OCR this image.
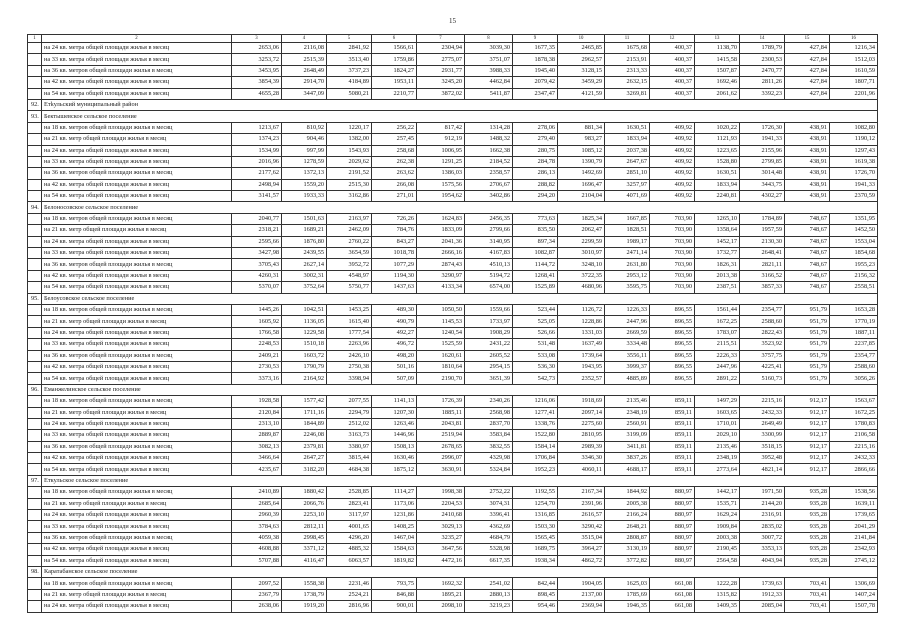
15
1	2	3	4	5	6	7	8	9	10	11	12	13	14	15	16
	на 24 кв. метра общей площади жилья в месяц	2653,06	2116,08	2841,92	1566,61	2304,94	3039,30	1677,35	2465,85	1675,68	400,37	1138,70	1789,79	427,84	1216,34
	на 33 кв. метра общей площади жилья в месяц	3253,72	2515,39	3513,40	1759,86	2775,07	3751,07	1878,38	2962,57	2153,91	400,37	1415,58	2300,53	427,84	1512,03
	на 36 кв. метров общей площади жилья в месяц	3453,95	2648,49	3737,23	1824,27	2931,77	3988,33	1945,40	3128,15	2313,33	400,37	1507,87	2470,77	427,84	1610,59
	на 42 кв. метра общей площади жилья в месяц	3854,39	2914,70	4184,89	1953,11	3245,20	4462,84	2079,42	3459,29	2632,15	400,37	1692,46	2811,26	427,84	1807,71
	на 54 кв. метра общей площади жилья в месяц	4655,28	3447,09	5080,21	2210,77	3872,02	5411,87	2347,47	4121,59	3269,81	400,37	2061,62	3392,23	427,84	2201,96
92.	Етkульский муниципальный район														
93.	Бектышевское сельское поселение														
	на 18 кв. метров общей площади жилья в месяц	1213,67	810,92	1220,17	256,22	817,42	1314,28	278,06	881,34	1630,51	409,92	1020,22	1726,30	438,91	1082,80
	на 21 кв. метр общей площади жилья в месяц	1374,23	904,46	1382,00	257,45	912,19	1488,32	279,40	983,27	1833,94	409,92	1121,93	1941,33	438,91	1190,12
	на 24 кв. метра общей площади жилья в месяц	1534,99	997,99	1543,93	258,68	1006,95	1662,38	280,75	1085,12	2037,38	409,92	1223,65	2155,96	438,91	1297,43
	на 33 кв. метра общей площади жилья в месяц	2016,96	1278,59	2029,62	262,38	1291,25	2184,52	284,78	1390,79	2647,67	409,92	1528,80	2799,85	438,91	1619,38
	на 36 кв. метров общей площади жилья в месяц	2177,62	1372,13	2191,52	263,62	1386,03	2358,57	286,13	1492,69	2851,10	409,92	1630,51	3014,48	438,91	1726,70
	на 42 кв. метра общей площади жилья в месяц	2498,94	1559,20	2515,30	266,08	1575,56	2706,67	288,82	1696,47	3257,97	409,92	1833,94	3443,75	438,91	1941,33
	на 54 кв. метра общей площади жилья в месяц	3141,57	1933,33	3162,86	271,01	1954,62	3402,86	294,20	2104,04	4071,69	409,92	2240,81	4302,27	438,91	2370,59
94.	Белоносовское сельское поселение														
	на 18 кв. метров общей площади жилья в месяц	2040,77	1501,63	2163,97	726,26	1624,83	2456,35	773,63	1825,34	1667,85	703,90	1265,10	1784,89	748,67	1351,95
	на 21 кв. метр общей площади жилья в месяц	2318,21	1689,21	2462,09	784,76	1833,09	2799,66	835,50	2062,47	1828,51	703,90	1358,64	1957,59	748,67	1452,50
	на 24 кв. метра общей площади жилья в месяц	2595,66	1876,80	2760,22	843,27	2041,36	3140,95	897,34	2299,59	1989,17	703,90	1452,17	2130,30	748,67	1553,04
	на 33 кв. метра общей площади жилья в месяц	3427,98	2439,55	3654,59	1018,78	2666,16	4167,83	1082,87	3010,97	2471,14	703,90	1732,77	2648,41	748,67	1854,68
	на 36 кв. метров общей площади жилья в месяц	3705,43	2627,14	3952,72	1077,29	2874,43	4510,13	1144,72	3248,10	2631,80	703,90	1826,31	2821,11	748,67	1955,23
	на 42 кв. метра общей площади жилья в месяц	4260,31	3002,31	4548,97	1194,30	3290,97	5194,72	1268,41	3722,35	2953,12	703,90	2013,38	3166,52	748,67	2156,32
	на 54 кв. метра общей площади жилья в месяц	5370,07	3752,64	5750,77	1437,63	4133,34	6574,00	1525,89	4680,96	3595,75	703,90	2387,51	3857,33	748,67	2558,51
95.	Белоусовское сельское поселение														
	на 18 кв. метров общей площади жилья в месяц	1445,26	1042,51	1453,25	489,30	1050,50	1559,66	523,44	1126,72	1226,33	896,55	1561,44	2354,77	951,79	1653,28
	на 21 кв. метр общей площади жилья в месяц	1605,92	1136,05	1615,40	490,79	1145,53	1733,97	525,05	1228,86	2447,96	896,55	1672,25	2588,60	951,79	1770,19
	на 24 кв. метра общей площади жилья в месяц	1766,58	1229,58	1777,54	492,27	1240,54	1908,29	526,66	1331,03	2669,59	896,55	1783,07	2822,43	951,79	1887,11
	на 33 кв. метра общей площади жилья в месяц	2248,53	1510,18	2263,96	496,72	1525,59	2431,22	531,48	1637,49	3334,48	896,55	2115,51	3523,92	951,79	2237,85
	на 36 кв. метров общей площади жилья в месяц	2409,21	1603,72	2426,10	498,20	1620,61	2605,52	533,08	1739,64	3556,11	896,55	2226,33	3757,75	951,79	2354,77
	на 42 кв. метра общей площади жилья в месяц	2730,53	1790,79	2750,38	501,16	1810,64	2954,15	536,30	1943,95	3999,37	896,55	2447,96	4225,41	951,79	2588,60
	на 54 кв. метра общей площади жилья в месяц	3373,16	2164,92	3398,94	507,09	2190,70	3651,39	542,73	2352,57	4885,89	896,55	2891,22	5160,73	951,79	3056,26
96.	Еманжелинское сельское поселение														
	на 18 кв. метров общей площади жилья в месяц	1928,58	1577,42	2077,55	1141,13	1726,39	2340,26	1216,06	1918,69	2135,46	859,11	1497,29	2215,16	912,17	1563,67
	на 21 кв. метр общей площади жилья в месяц	2120,84	1711,16	2294,79	1207,30	1885,11	2568,98	1277,41	2097,14	2348,19	859,11	1603,65	2432,33	912,17	1672,25
	на 24 кв. метра общей площади жилья в месяц	2313,10	1844,89	2512,02	1263,46	2043,81	2837,70	1338,76	2275,60	2560,91	859,11	1710,01	2649,49	912,17	1780,83
	на 33 кв. метра общей площади жилья в месяц	2889,87	2246,08	3163,73	1446,96	2519,94	3583,84	1522,80	2810,95	3199,09	859,11	2029,10	3300,99	912,17	2106,58
	на 36 кв. метров общей площади жилья в месяц	3082,13	2379,81	3380,97	1508,13	2678,65	3832,55	1584,14	2989,39	3411,81	859,11	2135,46	3518,15	912,17	2215,16
	на 42 кв. метра общей площади жилья в месяц	3466,64	2647,27	3815,44	1630,46	2996,07	4329,98	1706,84	3346,30	3837,26	859,11	2348,19	3952,48	912,17	2432,33
	на 54 кв. метра общей площади жилья в месяц	4235,67	3182,20	4684,38	1875,12	3630,91	5324,84	1952,23	4060,11	4688,17	859,11	2773,64	4821,14	912,17	2866,66
97.	Еткульское сельское поселение														
	на 18 кв. метров общей площади жилья в месяц	2410,89	1880,42	2528,85	1114,27	1998,38	2752,22	1192,55	2167,34	1844,92	880,97	1442,17	1971,50	935,28	1538,56
	на 21 кв. метр общей площади жилья в месяц	2685,64	2066,76	2823,41	1173,06	2204,53	3074,31	1254,70	2391,96	2005,38	880,97	1535,71	2144,20	935,28	1639,11
	на 24 кв. метра общей площади жилья в месяц	2960,39	2253,10	3117,97	1231,86	2410,68	3396,41	1316,85	2616,57	2166,24	880,97	1629,24	2316,91	935,28	1739,65
	на 33 кв. метра общей площади жилья в месяц	3784,63	2812,11	4001,65	1408,25	3029,13	4362,69	1503,30	3290,42	2648,21	880,97	1909,84	2835,02	935,28	2041,29
	на 36 кв. метров общей площади жилья в месяц	4059,38	2998,45	4296,20	1467,04	3235,27	4684,79	1565,45	3515,04	2808,87	880,97	2003,38	3007,72	935,28	2141,84
	на 42 кв. метра общей площади жилья в месяц	4608,88	3371,12	4885,32	1584,63	3647,56	5328,98	1689,75	3964,27	3130,19	880,97	2190,45	3353,13	935,28	2342,93
	на 54 кв. метра общей площади жилья в месяц	5707,88	4116,47	6063,57	1819,82	4472,16	6617,35	1938,34	4862,72	3772,82	880,97	2564,58	4043,94	935,28	2745,12
98.	Каратабанское сельское поселение														
	на 18 кв. метров общей площади жилья в месяц	2097,52	1558,38	2231,46	793,75	1692,32	2541,02	842,44	1904,05	1625,03	661,08	1222,28	1739,63	703,41	1306,69
	на 21 кв. метр общей площади жилья в месяц	2367,79	1738,79	2524,21	846,88	1895,21	2880,13	898,45	2137,00	1785,69	661,08	1315,82	1912,33	703,41	1407,24
	на 24 кв. метра общей площади жилья в месяц	2638,06	1919,20	2816,96	900,01	2098,10	3219,23	954,46	2369,94	1946,35	661,08	1409,35	2085,04	703,41	1507,78
